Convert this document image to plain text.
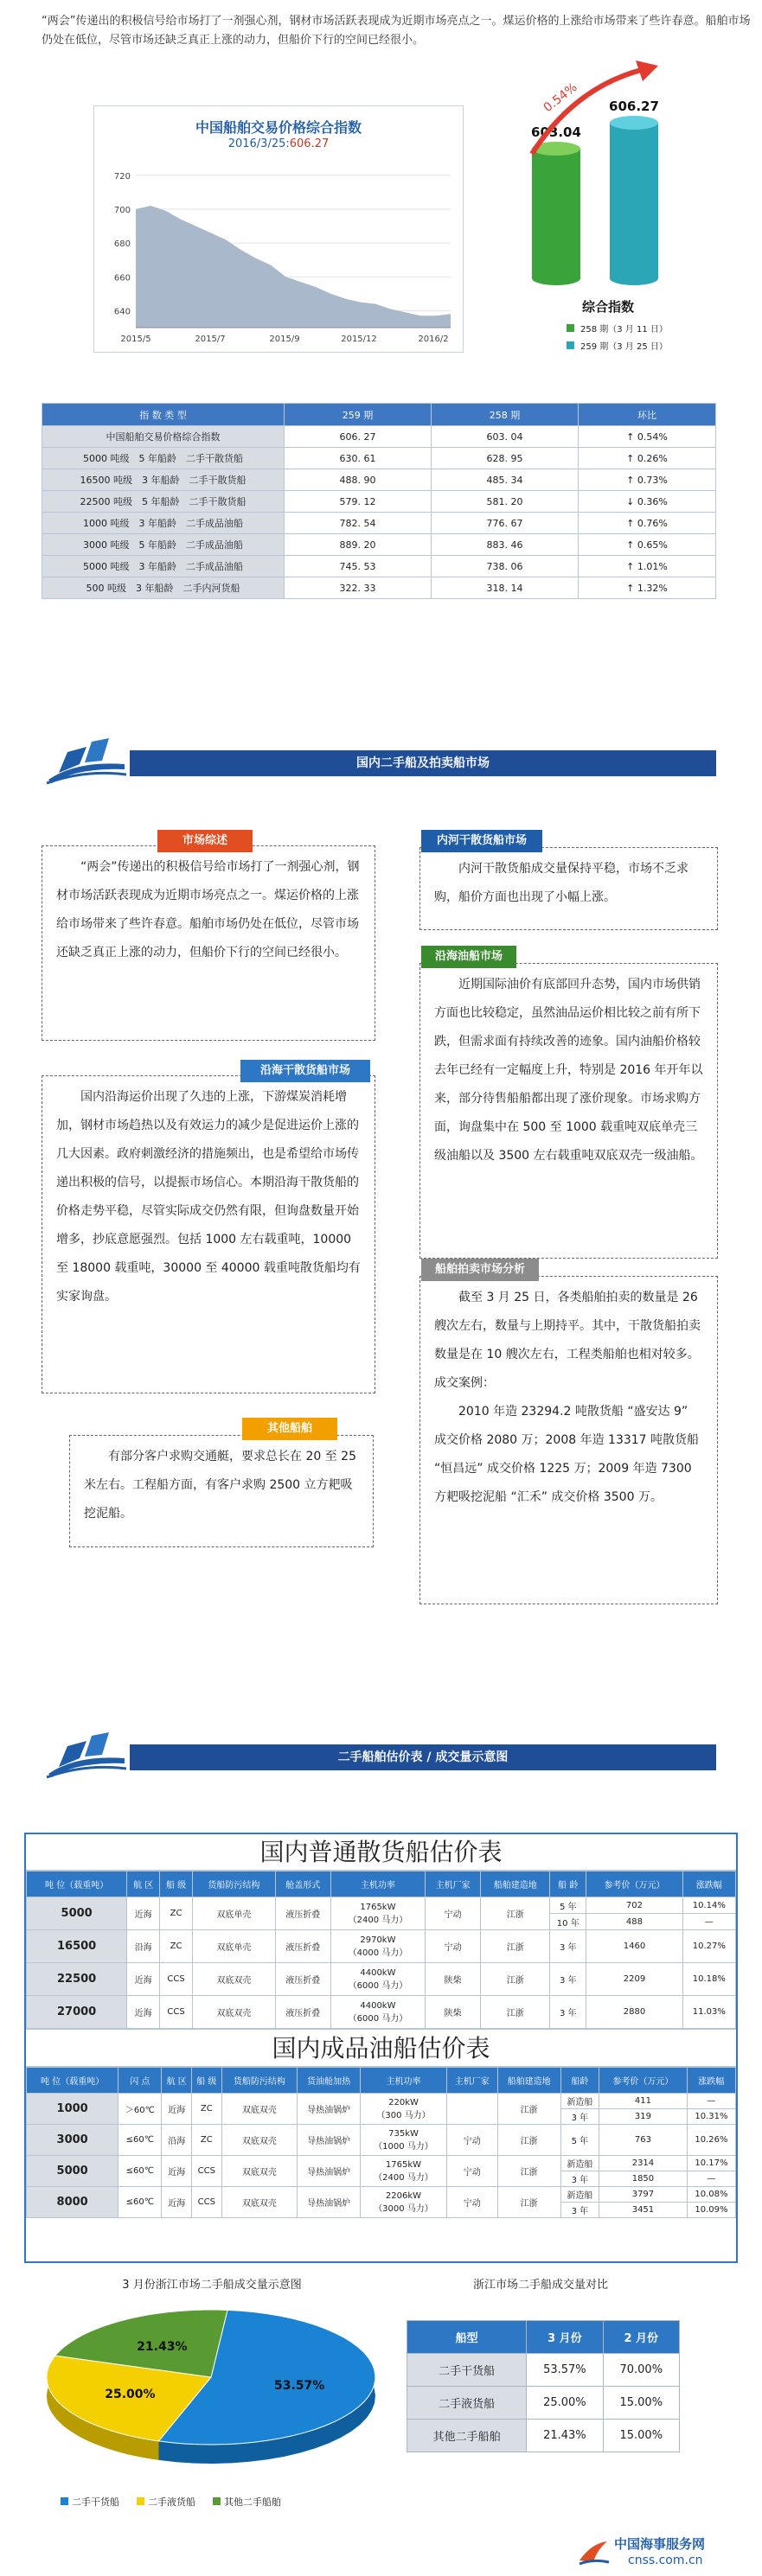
“两会”传递出的积极信号给市场打了一剂强心剂，钢材市场活跃表现成为近期市场亮点之一。煤运价格的上涨给市场带来了些许春意。船舶市场仍处在低位，尽管市场还缺乏真正上涨的动力，但船价下行的空间已经很小。
中国船舶交易价格综合指数
2016/3/25:606.27
640
660
680
700
720
2015/5	2015/7	2015/9	2015/12	2016/2
603.04
606.27
0.54%
综合指数
258 期（3 月 11 日）
259 期（3 月 25 日）
指 数 类 型	259 期	258 期	环比
中国船舶交易价格综合指数	606. 27	603. 04	↑ 0.54%
5000 吨级　5 年船龄　二手干散货船	630. 61	628. 95	↑ 0.26%
16500 吨级　3 年船龄　二手干散货船	488. 90	485. 34	↑ 0.73%
22500 吨级　5 年船龄　二手干散货船	579. 12	581. 20	↓ 0.36%
1000 吨级　3 年船龄　二手成品油船	782. 54	776. 67	↑ 0.76%
3000 吨级　5 年船龄　二手成品油船	889. 20	883. 46	↑ 0.65%
5000 吨级　3 年船龄　二手成品油船	745. 53	738. 06	↑ 1.01%
500 吨级　3 年船龄　二手内河货船	322. 33	318. 14	↑ 1.32%
国内二手船及拍卖船市场
“两会”传递出的积极信号给市场打了一剂强心剂，钢材市场活跃表现成为近期市场亮点之一。煤运价格的上涨给市场带来了些许春意。船舶市场仍处在低位，尽管市场还缺乏真正上涨的动力，但船价下行的空间已经很小。
市场综述
内河干散货船成交量保持平稳，市场不乏求购，船价方面也出现了小幅上涨。
内河干散货船市场
近期国际油价有底部回升态势，国内市场供销方面也比较稳定，虽然油品运价相比较之前有所下跌，但需求面有持续改善的迹象。国内油船价格较去年已经有一定幅度上升，特别是 2016 年开年以来，部分待售船船都出现了涨价现象。市场求购方面，询盘集中在 500 至 1000 载重吨双底单壳三级油船以及 3500 左右载重吨双底双壳一级油船。
沿海油船市场
国内沿海运价出现了久违的上涨，下游煤炭消耗增加，钢材市场趋热以及有效运力的减少是促进运价上涨的几大因素。政府刺激经济的措施频出，也是希望给市场传递出积极的信号，以提振市场信心。本期沿海干散货船的价格走势平稳，尽管实际成交仍然有限，但询盘数量开始增多，抄底意愿强烈。包括 1000 左右载重吨，10000 至 18000 载重吨，30000 至 40000 载重吨散货船均有实家询盘。
沿海干散货船市场
截至 3 月 25 日，各类船舶拍卖的数量是 26 艘次左右，数量与上期持平。其中，干散货船拍卖数量是在 10 艘次左右，工程类船舶也相对较多。成交案例：
2010 年造 23294.2 吨散货船 “盛安达 9” 成交价格 2080 万；2008 年造 13317 吨散货船 “恒昌远” 成交价格 1225 万；2009 年造 7300 方耙吸挖泥船 “汇禾” 成交价格 3500 万。
船舶拍卖市场分析
有部分客户求购交通艇，要求总长在 20 至 25 米左右。工程船方面，有客户求购 2500 立方耙吸挖泥船。
其他船舶
二手船舶估价表 / 成交量示意图
国内普通散货船估价表
吨 位（载重吨）	航 区	船 级	货船防污结构	舱盖形式	主机功率	主机厂家	船舶建造地	船 龄	参考价（万元）	涨跌幅
5000	近海	ZC	双底单壳	液压折叠	1765kW
（2400 马力）	宁动	江浙	5 年	702	10.14%
								10 年	488	—
16500	沿海	ZC	双底单壳	液压折叠	2970kW
（4000 马力）	宁动	江浙	3 年	1460	10.27%
22500	近海	CCS	双底双壳	液压折叠	4400kW
（6000 马力）	陕柴	江浙	3 年	2209	10.18%
27000	近海	CCS	双底双壳	液压折叠	4400kW
（6000 马力）	陕柴	江浙	3 年	2880	11.03%
国内成品油船估价表
吨 位（载重吨）	闪 点	航 区	船 级	货船防污结构	货油舱加热	主机功率	主机厂家	船舶建造地	船龄	参考价（万元）	涨跌幅
1000	＞60℃	近海	ZC	双底双壳	导热油锅炉	220kW
（300 马力）		江浙	新造船	411	—
									3 年	319	10.31%
3000	≤60℃	沿海	ZC	双底双壳	导热油锅炉	735kW
（1000 马力）	宁动	江浙	5 年	763	10.26%
5000	≤60℃	近海	CCS	双底双壳	导热油锅炉	1765kW
（2400 马力）	宁动	江浙	新造船	2314	10.17%
									3 年	1850	—
8000	≤60℃	近海	CCS	双底双壳	导热油锅炉	2206kW
（3000 马力）	宁动	江浙	新造船	3797	10.08%
									3 年	3451	10.09%
3 月份浙江市场二手船成交量示意图
53.57%
25.00%
21.43%
二手干货船	二手液货船	其他二手船舶
浙江市场二手船成交量对比
船型	3 月份	2 月份
二手干货船	53.57%	70.00%
二手液货船	25.00%	15.00%
其他二手船舶	21.43%	15.00%
中国海事服务网
cnss.com.cn
